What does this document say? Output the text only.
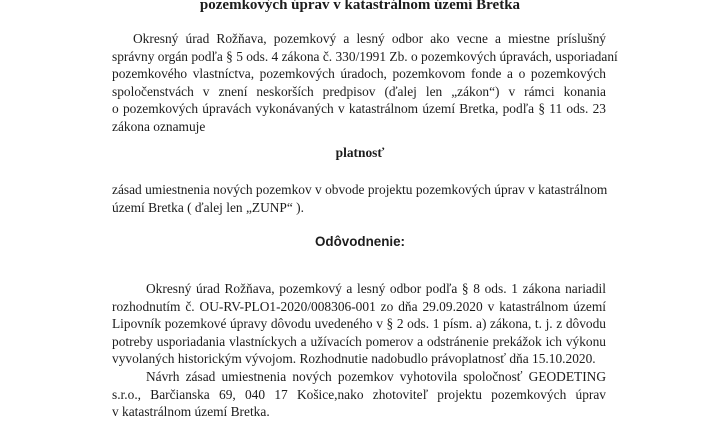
pozemkových úprav v katastrálnom území Bretka
Okresný úrad Rožňava, pozemkový a lesný odbor ako vecne a miestne príslušný
správny orgán podľa § 5 ods. 4 zákona č. 330/1991 Zb. o pozemkových úpravách, usporiadaní
pozemkového vlastníctva, pozemkových úradoch, pozemkovom fonde a o pozemkových
spoločenstvách v znení neskorších predpisov (ďalej len „zákon“) v rámci konania
o pozemkových úpravách vykonávaných v katastrálnom území Bretka, podľa § 11 ods. 23
zákona oznamuje
platnosť
zásad umiestnenia nových pozemkov v obvode projektu pozemkových úprav v katastrálnom
území Bretka ( ďalej len „ZUNP“ ).
Odôvodnenie:
Okresný úrad Rožňava, pozemkový a lesný odbor podľa § 8 ods. 1 zákona nariadil
rozhodnutím č. OU-RV-PLO1-2020/008306-001 zo dňa 29.09.2020 v katastrálnom území
Lipovník pozemkové úpravy dôvodu uvedeného v § 2 ods. 1 písm. a) zákona, t. j. z dôvodu
potreby usporiadania vlastníckych a užívacích pomerov a odstránenie prekážok ich výkonu
vyvolaných historickým vývojom. Rozhodnutie nadobudlo právoplatnosť dňa 15.10.2020.
Návrh zásad umiestnenia nových pozemkov vyhotovila spoločnosť GEODETING
s.r.o., Barčianska 69, 040 17 Košice,nako zhotoviteľ projektu pozemkových úprav
v katastrálnom území Bretka.
